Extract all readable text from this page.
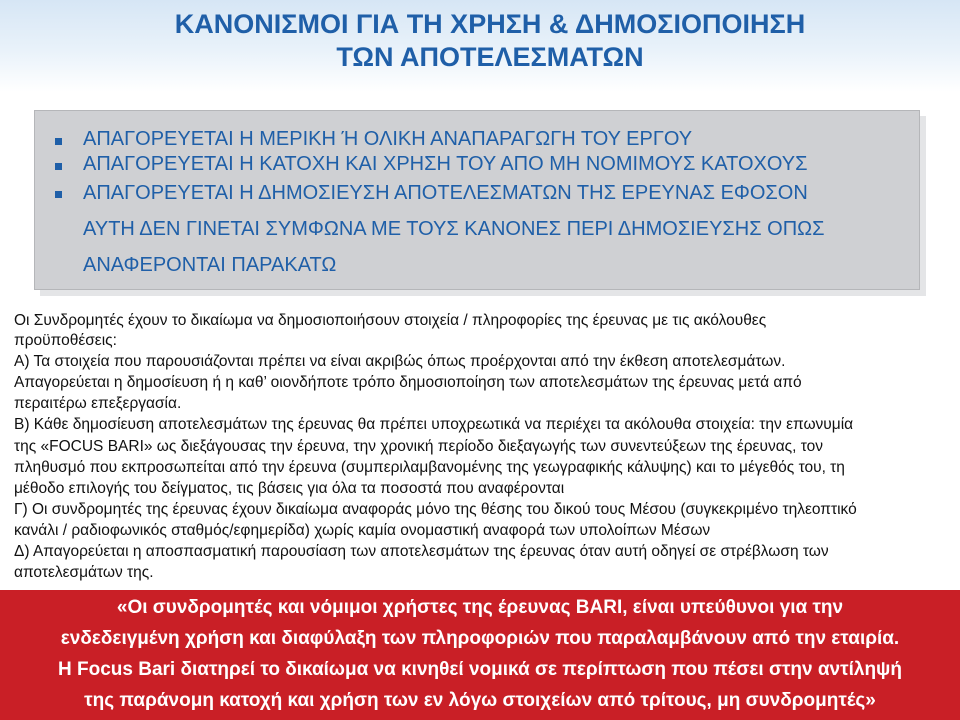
ΚΑΝΟΝΙΣΜΟΙ ΓΙΑ ΤΗ ΧΡΗΣΗ & ΔΗΜΟΣΙΟΠΟΙΗΣΗ
ΤΩΝ ΑΠΟΤΕΛΕΣΜΑΤΩΝ
ΑΠΑΓΟΡΕΥΕΤΑΙ Η ΜΕΡΙΚΗ Ή ΟΛΙΚΗ ΑΝΑΠΑΡΑΓΩΓΗ ΤΟΥ ΕΡΓΟΥ
ΑΠΑΓΟΡΕΥΕΤΑΙ Η ΚΑΤΟΧΗ ΚΑΙ ΧΡΗΣΗ ΤΟΥ ΑΠΟ ΜΗ ΝΟΜΙΜΟΥΣ ΚΑΤΟΧΟΥΣ
ΑΠΑΓΟΡΕΥΕΤΑΙ Η ΔΗΜΟΣΙΕΥΣΗ ΑΠΟΤΕΛΕΣΜΑΤΩΝ ΤΗΣ ΕΡΕΥΝΑΣ ΕΦΟΣΟΝ
ΑΥΤΗ ΔΕΝ ΓΙΝΕΤΑΙ ΣΥΜΦΩΝΑ ΜΕ ΤΟΥΣ ΚΑΝΟΝΕΣ ΠΕΡΙ ΔΗΜΟΣΙΕΥΣΗΣ ΟΠΩΣ
ΑΝΑΦΕΡΟΝΤΑΙ ΠΑΡΑΚΑΤΩ
Οι Συνδρομητές έχουν το δικαίωμα να δημοσιοποιήσουν στοιχεία / πληροφορίες της έρευνας με τις ακόλουθες
προϋποθέσεις:
Α) Τα στοιχεία που παρουσιάζονται πρέπει να είναι ακριβώς όπως προέρχονται από την έκθεση αποτελεσμάτων.
Απαγορεύεται η δημοσίευση ή η καθ’ οιονδήποτε τρόπο δημοσιοποίηση των αποτελεσμάτων της έρευνας μετά από
περαιτέρω επεξεργασία.
Β) Κάθε δημοσίευση αποτελεσμάτων της έρευνας θα πρέπει υποχρεωτικά να περιέχει τα ακόλουθα στοιχεία: την επωνυμία
της «FOCUS BARI» ως διεξάγουσας την έρευνα, την χρονική περίοδο διεξαγωγής των συνεντεύξεων της έρευνας, τον
πληθυσμό που εκπροσωπείται από την έρευνα (συμπεριλαμβανομένης της γεωγραφικής κάλυψης) και το μέγεθός του, τη
μέθοδο επιλογής του δείγματος, τις βάσεις για όλα τα ποσοστά που αναφέρονται
Γ) Οι συνδρομητές της έρευνας έχουν δικαίωμα αναφοράς μόνο της θέσης του δικού τους Μέσου (συγκεκριμένο τηλεοπτικό
κανάλι / ραδιοφωνικός σταθμός/εφημερίδα) χωρίς καμία ονομαστική αναφορά των υπολοίπων Μέσων
Δ) Απαγορεύεται η αποσπασματική παρουσίαση των αποτελεσμάτων της έρευνας όταν αυτή οδηγεί σε στρέβλωση των
αποτελεσμάτων της.
«Οι συνδρομητές και νόμιμοι χρήστες της έρευνας BARI, είναι υπεύθυνοι για την
ενδεδειγμένη χρήση και διαφύλαξη των πληροφοριών που παραλαμβάνουν από την εταιρία.
Η Focus Bari διατηρεί το δικαίωμα να κινηθεί νομικά σε περίπτωση που πέσει στην αντίληψή
της παράνομη κατοχή και χρήση των εν λόγω στοιχείων από τρίτους, μη συνδρομητές»
